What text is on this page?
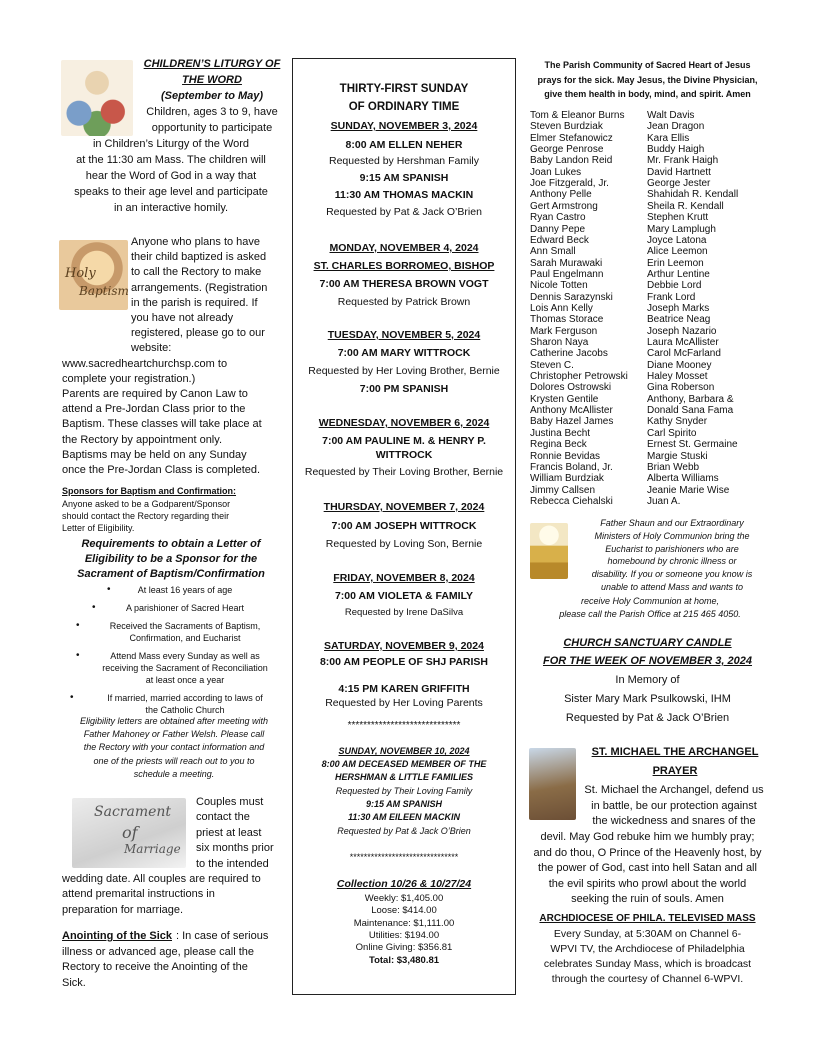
Holy
Baptism
Sacrament
of
Marriage
CHILDREN’S LITURGY OF
THE WORD
(September to May)
Children, ages 3 to 9, have
opportunity to participate
in Children’s Liturgy of the Word
at the 11:30 am Mass. The children will
hear the Word of God in a way that
speaks to their age level and participate
in an interactive homily.
Anyone who plans to have
their child baptized is asked
to call the Rectory to make
arrangements. (Registration
in the parish is required. If
you have not already
registered, please go to our
website:
www.sacredheartchurchsp.com to
complete your registration.)
Parents are required by Canon Law to
attend a Pre-Jordan Class prior to the
Baptism. These classes will take place at
the Rectory by appointment only.
Baptisms may be held on any Sunday
once the Pre-Jordan Class is completed.
Sponsors for Baptism and Confirmation:
Anyone asked to be a Godparent/Sponsor
should contact the Rectory regarding their
Letter of Eligibility.
Requirements to obtain a Letter of
Eligibility to be a Sponsor for the
Sacrament of Baptism/Confirmation
•	At least 16 years of age
•	A parishioner of Sacred Heart
•	Received the Sacraments of Baptism,
Confirmation, and Eucharist
•	Attend Mass every Sunday as well as
receiving the Sacrament of Reconciliation
at least once a year
•	If married, married according to laws of
the Catholic Church
Eligibility letters are obtained after meeting with
Father Mahoney or Father Welsh. Please call
the Rectory with your contact information and
one of the priests will reach out to you to
schedule a meeting.
Couples must
contact the
priest at least
six months prior
to the intended
wedding date. All couples are required to
attend premarital instructions in
preparation for marriage.
Anointing of the Sick : In case of serious
illness or advanced age, please call the
Rectory to receive the Anointing of the
Sick.
THIRTY-FIRST SUNDAY
OF ORDINARY TIME
SUNDAY, NOVEMBER 3, 2024
8:00 AM ELLEN NEHER
Requested by Hershman Family
9:15 AM SPANISH
11:30 AM THOMAS MACKIN
Requested by Pat & Jack O’Brien
MONDAY, NOVEMBER 4, 2024
ST. CHARLES BORROMEO, BISHOP
7:00 AM THERESA BROWN VOGT
Requested by Patrick Brown
TUESDAY, NOVEMBER 5, 2024
7:00 AM MARY WITTROCK
Requested by Her Loving Brother, Bernie
7:00 PM SPANISH
WEDNESDAY, NOVEMBER 6, 2024
7:00 AM PAULINE M. & HENRY P.
WITTROCK
Requested by Their Loving Brother, Bernie
THURSDAY, NOVEMBER 7, 2024
7:00 AM JOSEPH WITTROCK
Requested by Loving Son, Bernie
FRIDAY, NOVEMBER 8, 2024
7:00 AM VIOLETA & FAMILY
Requested by Irene DaSilva
SATURDAY, NOVEMBER 9, 2024
8:00 AM PEOPLE OF SHJ PARISH
4:15 PM KAREN GRIFFITH
Requested by Her Loving Parents
*****************************
SUNDAY, NOVEMBER 10, 2024
8:00 AM DECEASED MEMBER OF THE
HERSHMAN & LITTLE FAMILIES
Requested by Their Loving Family
9:15 AM SPANISH
11:30 AM EILEEN MACKIN
Requested by Pat & Jack O’Brien
*******************************
Collection 10/26 & 10/27/24
Weekly: $1,405.00
Loose: $414.00
Maintenance: $1,111.00
Utilities: $194.00
Online Giving: $356.81
Total: $3,480.81
The Parish Community of Sacred Heart of Jesus
prays for the sick. May Jesus, the Divine Physician,
give them health in body, mind, and spirit. Amen
Tom & Eleanor Burns
Steven Burdziak
Elmer Stefanowicz
George Penrose
Baby Landon Reid
Joan Lukes
Joe Fitzgerald, Jr.
Anthony Pelle
Gert Armstrong
Ryan Castro
Danny Pepe
Edward Beck
Ann Small
Sarah Murawaki
Paul Engelmann
Nicole Totten
Dennis Sarazynski
Lois Ann Kelly
Thomas Storace
Mark Ferguson
Sharon Naya
Catherine Jacobs
Steven C.
Christopher Petrowski
Dolores Ostrowski
Krysten Gentile
Anthony McAllister
Baby Hazel James
Justina Becht
Regina Beck
Ronnie Bevidas
Francis Boland, Jr.
William Burdziak
Jimmy Callsen
Rebecca Ciehalski
Walt Davis
Jean Dragon
Kara Ellis
Buddy Haigh
Mr. Frank Haigh
David Hartnett
George Jester
Shahidah R. Kendall
Sheila R. Kendall
Stephen Krutt
Mary Lamplugh
Joyce Latona
Alice Leemon
Erin Leemon
Arthur Lentine
Debbie Lord
Frank Lord
Joseph Marks
Beatrice Neag
Joseph Nazario
Laura McAllister
Carol McFarland
Diane Mooney
Haley Mosset
Gina Roberson
Anthony, Barbara &
Donald Sana Fama
Kathy Snyder
Carl Spirito
Ernest St. Germaine
Margie Stuski
Brian Webb
Alberta Williams
Jeanie Marie Wise
Juan A.
Father Shaun and our Extraordinary
Ministers of Holy Communion bring the
Eucharist to parishioners who are
homebound by chronic illness or
disability. If you or someone you know is
unable to attend Mass and wants to
receive Holy Communion at home,
please call the Parish Office at 215 465 4050.
CHURCH SANCTUARY CANDLE
FOR THE WEEK OF NOVEMBER 3, 2024
In Memory of
Sister Mary Mark Psulkowski, IHM
Requested by Pat & Jack O’Brien
ST. MICHAEL THE ARCHANGEL
PRAYER
St. Michael the Archangel, defend us
in battle, be our protection against
the wickedness and snares of the
devil. May God rebuke him we humbly pray;
and do thou, O Prince of the Heavenly host, by
the power of God, cast into hell Satan and all
the evil spirits who prowl about the world
seeking the ruin of souls. Amen
ARCHDIOCESE OF PHILA. TELEVISED MASS
Every Sunday, at 5:30AM on Channel 6-
WPVI TV, the Archdiocese of Philadelphia
celebrates Sunday Mass, which is broadcast
through the courtesy of Channel 6-WPVI.
